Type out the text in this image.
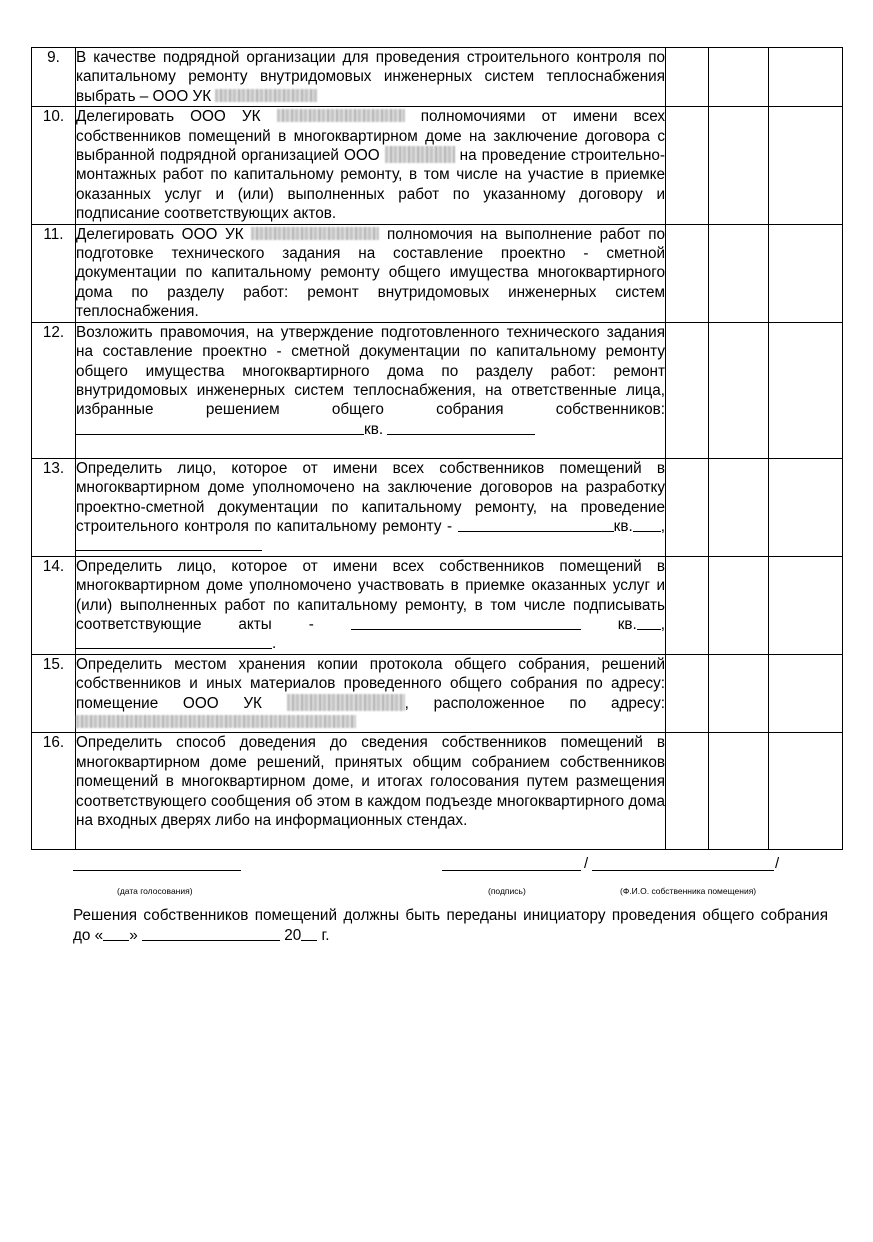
9.	В качестве подрядной организации для проведения строительного контроля по капитальному ремонту внутридомовых инженерных систем теплоснабжения выбрать – ООО УК			
10.	Делегировать ООО УК полномочиями от имени всех собственников помещений в многоквартирном доме на заключение договора с выбранной подрядной организацией ООО на проведение строительно-монтажных работ по капитальному ремонту, в том числе на участие в приемке оказанных услуг и (или) выполненных работ по указанному договору и подписание соответствующих актов.			
11.	Делегировать ООО УК полномочия на выполнение работ по подготовке технического задания на составление проектно - сметной документации по капитальному ремонту общего имущества многоквартирного дома по разделу работ: ремонт внутридомовых инженерных систем теплоснабжения.			
12.	Возложить правомочия, на утверждение подготовленного технического задания на составление проектно - сметной документации по капитальному ремонту общего имущества многоквартирного дома по разделу работ: ремонт внутридомовых инженерных систем теплоснабжения, на ответственные лица, избранные решением общего собрания собственников: кв.			
13.	Определить лицо, которое от имени всех собственников помещений в многоквартирном доме уполномочено на заключение договоров на разработку проектно-сметной документации по капитальному ремонту, на проведение строительного контроля по капитальному ремонту - кв. ,			
14.	Определить лицо, которое от имени всех собственников помещений в многоквартирном доме уполномочено участвовать в приемке оказанных услуг и (или) выполненных работ по капитальному ремонту, в том числе подписывать соответствующие акты - кв. ,.			
15.	Определить местом хранения копии протокола общего собрания, решений собственников и иных материалов проведенного общего собрания по адресу: помещение ООО УК , расположенное по адресу:			
16.	Определить способ доведения до сведения собственников помещений в многоквартирном доме решений, принятых общим собранием собственников помещений в многоквартирном доме, и итогах голосования путем размещения соответствующего сообщения об этом в каждом подъезде многоквартирного дома на входных дверях либо на информационных стендах.			
(дата голосования)
/	/
(подпись)	(Ф.И.О. собственника помещения)
Решения собственников помещений должны быть переданы инициатору проведения общего собрания до « »	20 г.
